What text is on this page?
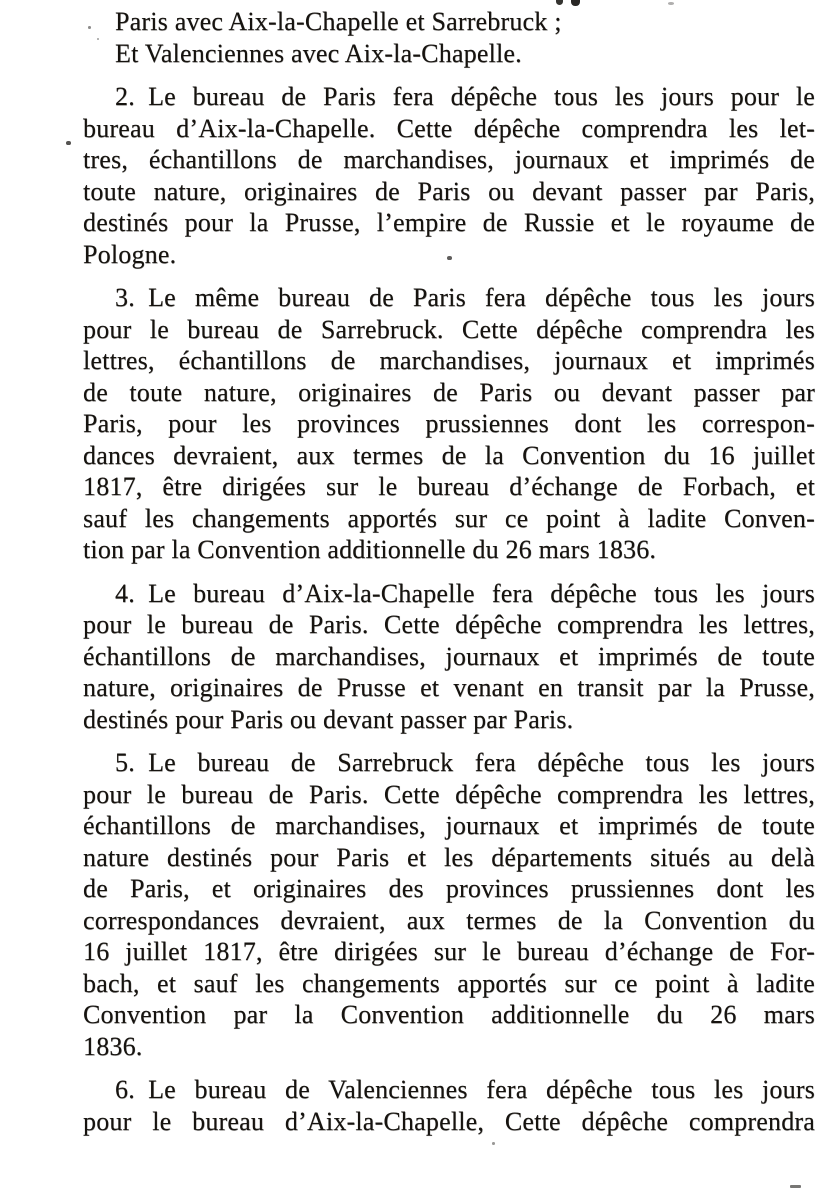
Paris avec Aix-la-Chapelle et Sarrebruck ;
Et Valenciennes avec Aix-la-Chapelle.
2. Le bureau de Paris fera dépêche tous les jours pour le
bureau d’Aix-la-Chapelle. Cette dépêche comprendra les let-
tres, échantillons de marchandises, journaux et imprimés de
toute nature, originaires de Paris ou devant passer par Paris,
destinés pour la Prusse, l’empire de Russie et le royaume de
Pologne.
3. Le même bureau de Paris fera dépêche tous les jours
pour le bureau de Sarrebruck. Cette dépêche comprendra les
lettres, échantillons de marchandises, journaux et imprimés
de toute nature, originaires de Paris ou devant passer par
Paris, pour les provinces prussiennes dont les correspon-
dances devraient, aux termes de la Convention du 16 juillet
1817, être dirigées sur le bureau d’échange de Forbach, et
sauf les changements apportés sur ce point à ladite Conven-
tion par la Convention additionnelle du 26 mars 1836.
4. Le bureau d’Aix-la-Chapelle fera dépêche tous les jours
pour le bureau de Paris. Cette dépêche comprendra les lettres,
échantillons de marchandises, journaux et imprimés de toute
nature, originaires de Prusse et venant en transit par la Prusse,
destinés pour Paris ou devant passer par Paris.
5. Le bureau de Sarrebruck fera dépêche tous les jours
pour le bureau de Paris. Cette dépêche comprendra les lettres,
échantillons de marchandises, journaux et imprimés de toute
nature destinés pour Paris et les départements situés au delà
de Paris, et originaires des provinces prussiennes dont les
correspondances devraient, aux termes de la Convention du
16 juillet 1817, être dirigées sur le bureau d’échange de For-
bach, et sauf les changements apportés sur ce point à ladite
Convention par la Convention additionnelle du 26 mars
1836.
6. Le bureau de Valenciennes fera dépêche tous les jours
pour le bureau d’Aix-la-Chapelle, Cette dépêche comprendra
